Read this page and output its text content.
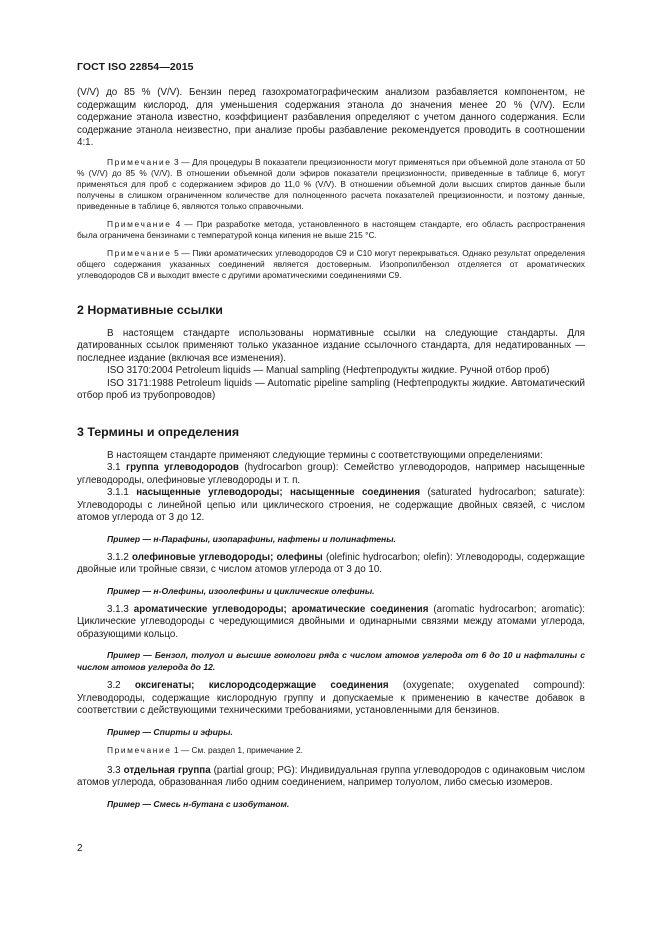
ГОСТ ISO 22854—2015

(V/V) до 85 % (V/V). Бензин перед газохроматографическим анализом разбавляется компонентом, не содержащим кислород, для уменьшения содержания этанола до значения менее 20 % (V/V). Если содержание этанола известно, коэффициент разбавления определяют с учетом данного содержания. Если содержание этанола неизвестно, при анализе пробы разбавление рекомендуется проводить в соотношении 4:1.

Примечание 3 — Для процедуры В показатели прецизионности могут применяться при объемной доле этанола от 50 % (V/V) до 85 % (V/V). В отношении объемной доли эфиров показатели прецизионности, приведенные в таблице 6, могут применяться для проб с содержанием эфиров до 11,0 % (V/V). В отношении объемной доли высших спиртов данные были получены в слишком ограниченном количестве для полноценного расчета показателей прецизионности, и поэтому данные, приведенные в таблице 6, являются только справочными.

Примечание 4 — При разработке метода, установленного в настоящем стандарте, его область распространения была ограничена бензинами с температурой конца кипения не выше 215 °С.

Примечание 5 — Пики ароматических углеводородов С9 и С10 могут перекрываться. Однако результат определения общего содержания указанных соединений является достоверным. Изопропилбензол отделяется от ароматических углеводородов С8 и выходит вместе с другими ароматическими соединениями С9.

2 Нормативные ссылки

В настоящем стандарте использованы нормативные ссылки на следующие стандарты. Для датированных ссылок применяют только указанное издание ссылочного стандарта, для недатированных — последнее издание (включая все изменения).

ISO 3170:2004 Petroleum liquids — Manual sampling (Нефтепродукты жидкие. Ручной отбор проб)

ISO 3171:1988 Petroleum liquids — Automatic pipeline sampling (Нефтепродукты жидкие. Автоматический отбор проб из трубопроводов)

3 Термины и определения

В настоящем стандарте применяют следующие термины с соответствующими определениями:

3.1 группа углеводородов (hydrocarbon group): Семейство углеводородов, например насыщенные углеводороды, олефиновые углеводороды и т. п.

3.1.1 насыщенные углеводороды; насыщенные соединения (saturated hydrocarbon; saturate): Углеводороды с линейной цепью или циклического строения, не содержащие двойных связей, с числом атомов углерода от 3 до 12.

Пример — н-Парафины, изопарафины, нафтены и полинафтены.

3.1.2 олефиновые углеводороды; олефины (olefinic hydrocarbon; olefin): Углеводороды, содержащие двойные или тройные связи, с числом атомов углерода от 3 до 10.

Пример — н-Олефины, изоолефины и циклические олефины.

3.1.3 ароматические углеводороды; ароматические соединения (aromatic hydrocarbon; aromatic): Циклические углеводороды с чередующимися двойными и одинарными связями между атомами углерода, образующими кольцо.

Пример — Бензол, толуол и высшие гомологи ряда с числом атомов углерода от 6 до 10 и нафталины с числом атомов углерода до 12.

3.2 оксигенаты; кислородсодержащие соединения (oxygenate; oxygenated compound): Углеводороды, содержащие кислородную группу и допускаемые к применению в качестве добавок в соответствии с действующими техническими требованиями, установленными для бензинов.

Пример — Спирты и эфиры.

Примечание 1 — См. раздел 1, примечание 2.

3.3 отдельная группа (partial group; PG): Индивидуальная группа углеводородов с одинаковым числом атомов углерода, образованная либо одним соединением, например толуолом, либо смесью изомеров.

Пример — Смесь н-бутана с изобутаном.

2
